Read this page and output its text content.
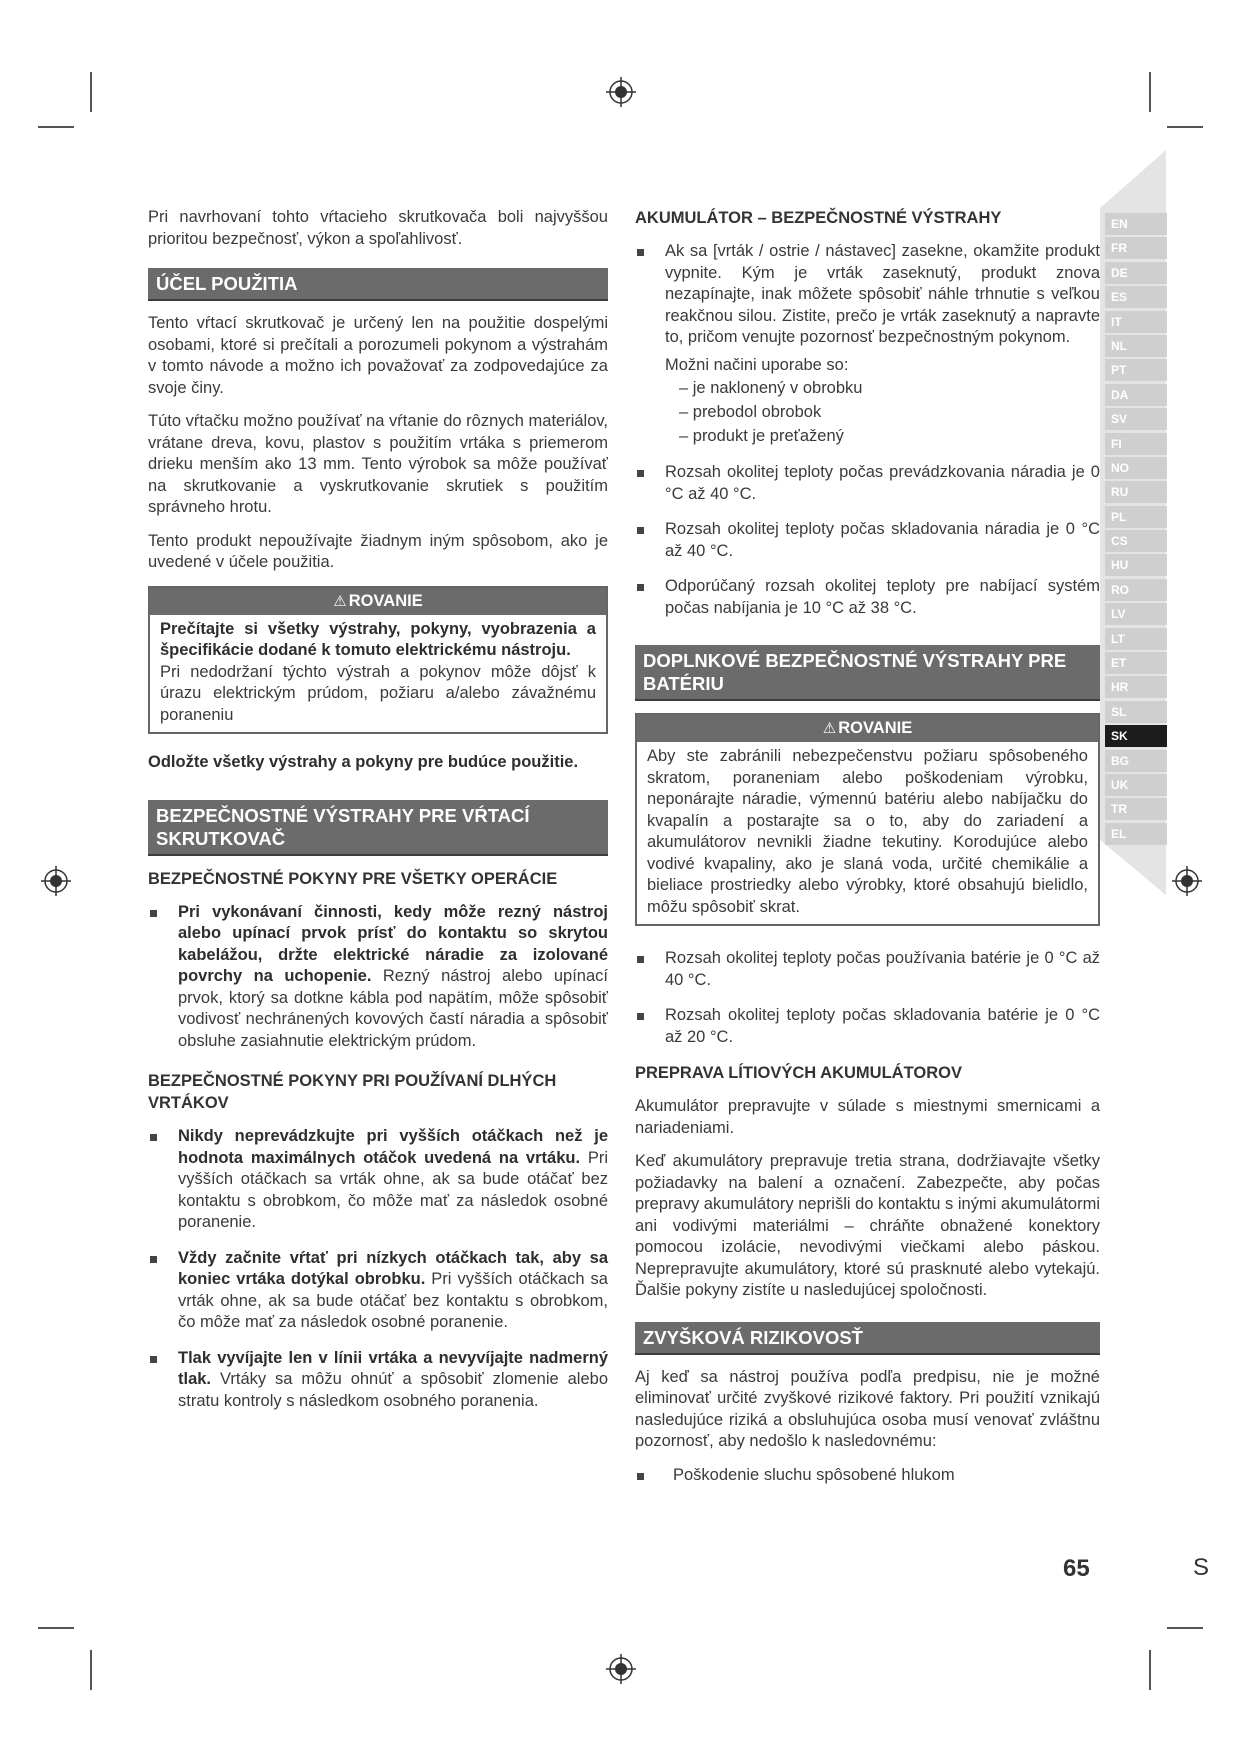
EN
FR
DE
ES
IT
NL
PT
DA
SV
FI
NO
RU
PL
CS
HU
RO
LV
LT
ET
HR
SL
SK
BG
UK
TR
EL

Pri navrhovaní tohto vŕtacieho skrutkovača boli najvyššou prioritou bezpečnosť, výkon a spoľahlivosť.

ÚČEL POUŽITIA

Tento vŕtací skrutkovač je určený len na použitie dospelými osobami, ktoré si prečítali a porozumeli pokynom a výstrahám v tomto návode a možno ich považovať za zodpovedajúce za svoje činy.

Túto vŕtačku možno používať na vŕtanie do rôznych materiálov, vrátane dreva, kovu, plastov s použitím vrtáka s priemerom drieku menším ako 13 mm. Tento výrobok sa môže používať na skrutkovanie a vyskrutkovanie skrutiek s použitím správneho hrotu.

Tento produkt nepoužívajte žiadnym iným spôsobom, ako je uvedené v účele použitia.

⚠ ROVANIE

Prečítajte si všetky výstrahy, pokyny, vyobrazenia a špecifikácie dodané k tomuto elektrickému nástroju.

Pri nedodržaní týchto výstrah a pokynov môže dôjsť k úrazu elektrickým prúdom, požiaru a/alebo závažnému poraneniu

Odložte všetky výstrahy a pokyny pre budúce použitie.

BEZPEČNOSTNÉ VÝSTRAHY PRE VŔTACÍ SKRUTKOVAČ
BEZPEČNOSTNÉ POKYNY PRE VŠETKY OPERÁCIE
Pri vykonávaní činnosti, kedy môže rezný nástroj alebo upínací prvok prísť do kontaktu so skrytou kabelážou, držte elektrické náradie za izolované povrchy na uchopenie. Rezný nástroj alebo upínací prvok, ktorý sa dotkne kábla pod napätím, môže spôsobiť vodivosť nechránených kovových častí náradia a spôsobiť obsluhe zasiahnutie elektrickým prúdom.
BEZPEČNOSTNÉ POKYNY PRI POUŽÍVANÍ DLHÝCH VRTÁKOV
Nikdy neprevádzkujte pri vyšších otáčkach než je hodnota maximálnych otáčok uvedená na vrtáku. Pri vyšších otáčkach sa vrták ohne, ak sa bude otáčať bez kontaktu s obrobkom, čo môže mať za následok osobné poranenie.
Vždy začnite vŕtať pri nízkych otáčkach tak, aby sa koniec vrtáka dotýkal obrobku. Pri vyšších otáčkach sa vrták ohne, ak sa bude otáčať bez kontaktu s obrobkom, čo môže mať za následok osobné poranenie.
Tlak vyvíjajte len v línii vrtáka a nevyvíjajte nadmerný tlak. Vrtáky sa môžu ohnúť a spôsobiť zlomenie alebo stratu kontroly s následkom osobného poranenia.
AKUMULÁTOR – BEZPEČNOSTNÉ VÝSTRAHY
Ak sa [vrták / ostrie / nástavec] zasekne, okamžite produkt vypnite. Kým je vrták zaseknutý, produkt znova nezapínajte, inak môžete spôsobiť náhle trhnutie s veľkou reakčnou silou. Zistite, prečo je vrták zaseknutý a napravte to, pričom venujte pozornosť bezpečnostným pokynom.
Možni načini uporabe so:
– je naklonený v obrobku
– prebodol obrobok
– produkt je preťažený
Rozsah okolitej teploty počas prevádzkovania náradia je 0 °C až 40 °C.
Rozsah okolitej teploty počas skladovania náradia je 0 °C až 40 °C.
Odporúčaný rozsah okolitej teploty pre nabíjací systém počas nabíjania je 10 °C až 38 °C.
DOPLNKOVÉ BEZPEČNOSTNÉ VÝSTRAHY PRE BATÉRIU
⚠ ROVANIE

Aby ste zabránili nebezpečenstvu požiaru spôsobeného skratom, poraneniam alebo poškodeniam výrobku, neponárajte náradie, výmennú batériu alebo nabíjačku do kvapalín a postarajte sa o to, aby do zariadení a akumulátorov nevnikli žiadne tekutiny. Korodujúce alebo vodivé kvapaliny, ako je slaná voda, určité chemikálie a bieliace prostriedky alebo výrobky, ktoré obsahujú bielidlo, môžu spôsobiť skrat.

Rozsah okolitej teploty počas používania batérie je 0 °C až 40 °C.
Rozsah okolitej teploty počas skladovania batérie je 0 °C až 20 °C.
PREPRAVA LÍTIOVÝCH AKUMULÁTOROV

Akumulátor prepravujte v súlade s miestnymi smernicami a nariadeniami.

Keď akumulátory prepravuje tretia strana, dodržiavajte všetky požiadavky na balení a označení. Zabezpečte, aby počas prepravy akumulátory neprišli do kontaktu s inými akumulátormi ani vodivými materiálmi – chráňte obnažené konektory pomocou izolácie, nevodivými viečkami alebo páskou. Neprepravujte akumulátory, ktoré sú prasknuté alebo vytekajú. Ďalšie pokyny zistíte u nasledujúcej spoločnosti.

ZVYŠKOVÁ RIZIKOVOSŤ

Aj keď sa nástroj používa podľa predpisu, nie je možné eliminovať určité zvyškové rizikové faktory. Pri použití vznikajú nasledujúce riziká a obsluhujúca osoba musí venovať zvláštnu pozornosť, aby nedošlo k nasledovnému:

Poškodenie sluchu spôsobené hlukom
65	S
